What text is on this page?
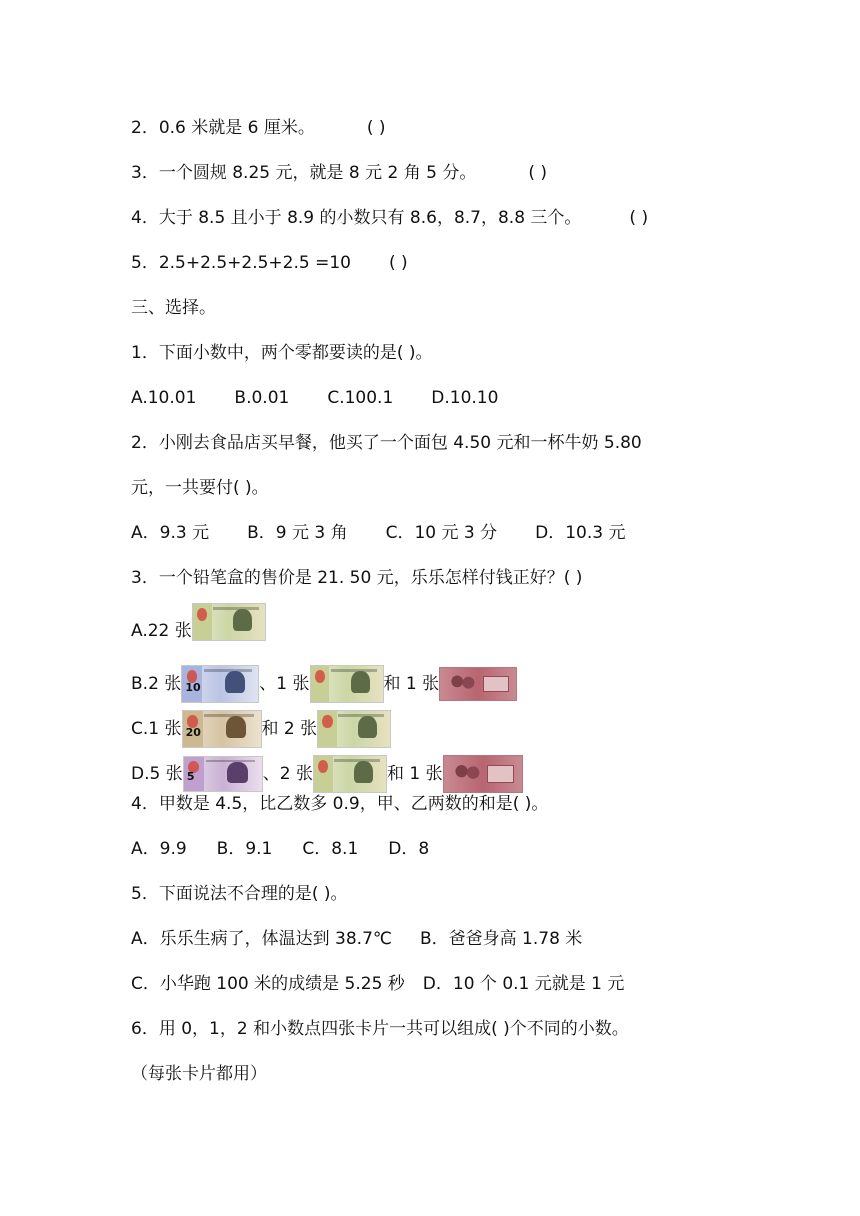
2．0.6 米就是 6 厘米。	( )
3．一个圆规 8.25 元，就是 8 元 2 角 5 分。	( )
4．大于 8.5 且小于 8.9 的小数只有 8.6，8.7，8.8 三个。	( )
5．2.5+2.5+2.5+2.5 =10 ( )
三、选择。
1．下面小数中，两个零都要读的是( )。
A.10.01 B.0.01 C.100.1 D.10.10
2．小刚去食品店买早餐，他买了一个面包 4.50 元和一杯牛奶 5.80
元，一共要付( )。
A．9.3 元 B．9 元 3 角 C．10 元 3 分 D．10.3 元
3．一个铅笔盒的售价是 21. 50 元，乐乐怎样付钱正好？( )
A.22 张
B.2 张 10	、1 张	和 1 张
C.1 张 20	和 2 张
D.5 张 5	、2 张	和 1 张
4．甲数是 4.5，比乙数多 0.9，甲、乙两数的和是( )。
A．9.9 B．9.1 C．8.1 D．8
5．下面说法不合理的是( )。
A．乐乐生病了，体温达到 38.7℃ B．爸爸身高 1.78 米
C．小华跑 100 米的成绩是 5.25 秒 D．10 个 0.1 元就是 1 元
6．用 0，1，2 和小数点四张卡片一共可以组成( )个不同的小数。
（每张卡片都用）
